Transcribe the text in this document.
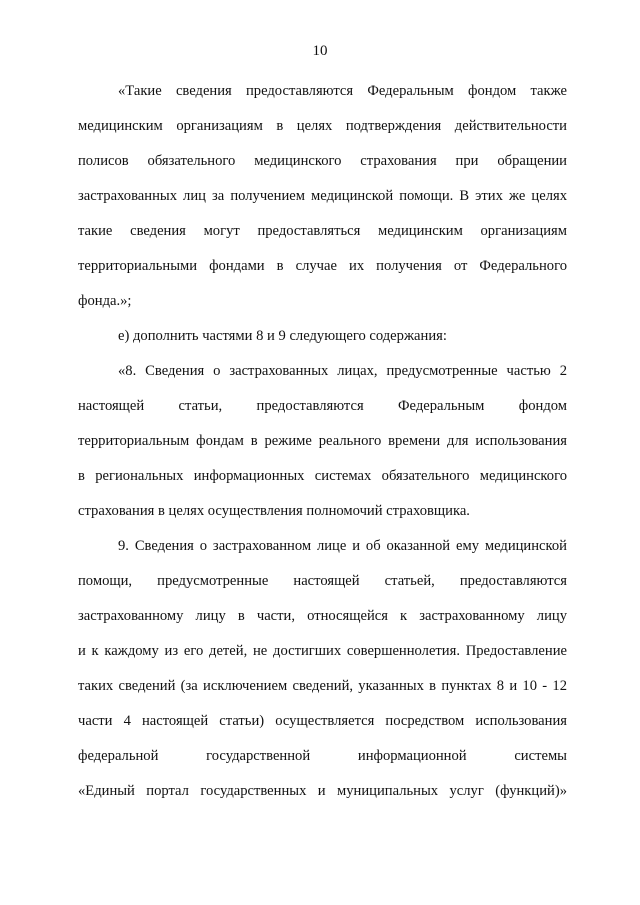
10

«Такие сведения предоставляются Федеральным фондом также
медицинским организациям в целях подтверждения действительности
полисов обязательного медицинского страхования при обращении
застрахованных лиц за получением медицинской помощи. В этих же целях
такие сведения могут предоставляться медицинским организациям
территориальными фондами в случае их получения от Федерального
фонда.»;

е) дополнить частями 8 и 9 следующего содержания:

«8. Сведения о застрахованных лицах, предусмотренные частью 2
настоящей статьи, предоставляются Федеральным фондом
территориальным фондам в режиме реального времени для использования
в региональных информационных системах обязательного медицинского
страхования в целях осуществления полномочий страховщика.

9. Сведения о застрахованном лице и об оказанной ему медицинской
помощи, предусмотренные настоящей статьей, предоставляются
застрахованному лицу в части, относящейся к застрахованному лицу
и к каждому из его детей, не достигших совершеннолетия. Предоставление
таких сведений (за исключением сведений, указанных в пунктах 8 и 10 - 12
части 4 настоящей статьи) осуществляется посредством использования
федеральной государственной информационной системы
«Единый портал государственных и муниципальных услуг (функций)»
